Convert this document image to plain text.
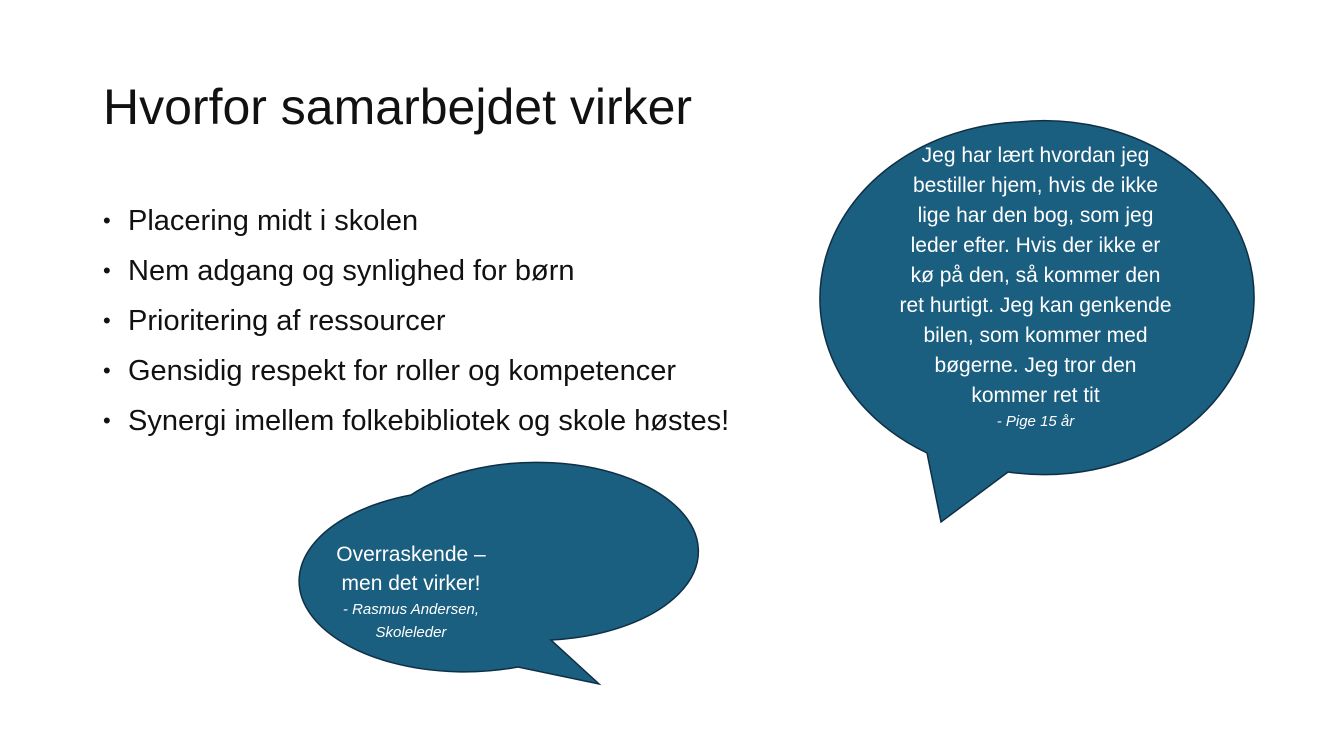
Hvorfor samarbejdet virker
• Placering midt i skolen
• Nem adgang og synlighed for børn
• Prioritering af ressourcer
• Gensidig respekt for roller og kompetencer
• Synergi imellem folkebibliotek og skole høstes!
Jeg har lært hvordan jeg
bestiller hjem, hvis de ikke
lige har den bog, som jeg
leder efter. Hvis der ikke er
kø på den, så kommer den
ret hurtigt. Jeg kan genkende
bilen, som kommer med
bøgerne. Jeg tror den
kommer ret tit
- Pige 15 år
Overraskende –
men det virker!
- Rasmus Andersen,
Skoleleder
